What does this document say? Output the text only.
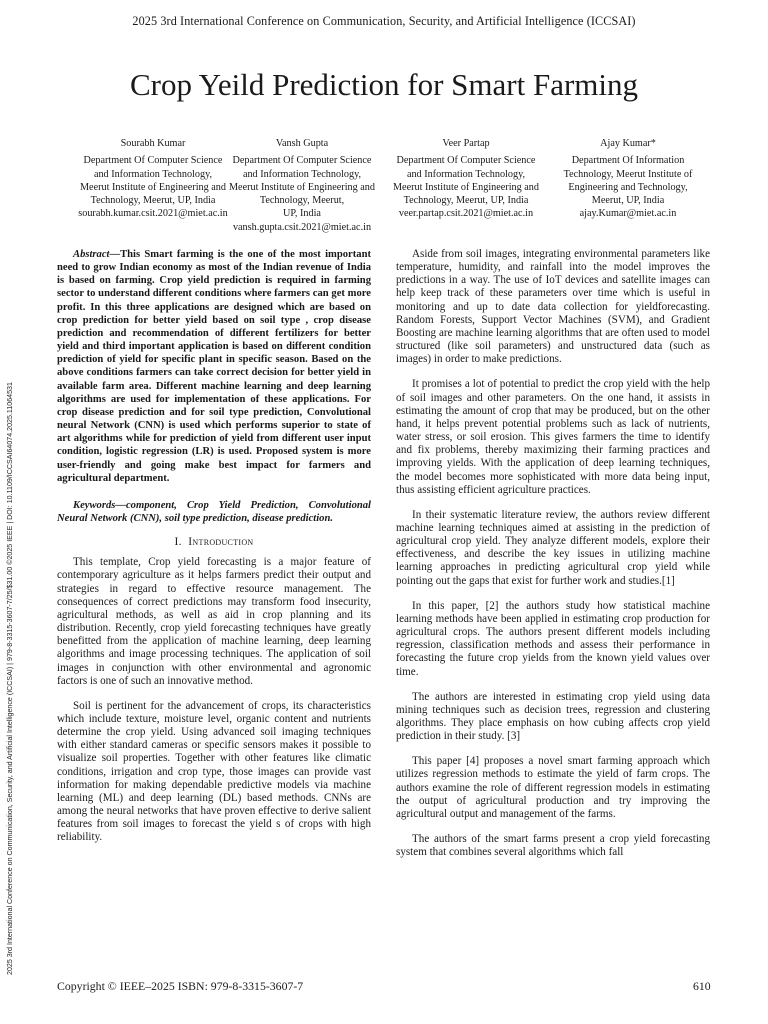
2025 3rd International Conference on Communication, Security, and Artificial Intelligence (ICCSAI)
2025 3rd International Conference on Communication, Security, and Artificial Intelligence (ICCSAI) | 979-8-3315-3607-7/25/$31.00 ©2025 IEEE | DOI: 10.1109/ICCSAI64074.2025.11064531
Crop Yeild Prediction for Smart Farming
Sourabh Kumar
Department Of Computer Science
and Information Technology,
Meerut Institute of Engineering and
Technology, Meerut, UP, India
sourabh.kumar.csit.2021@miet.ac.in
Vansh Gupta
Department Of Computer Science
and Information Technology,
Meerut Institute of Engineering and
Technology, Meerut,
UP, India
vansh.gupta.csit.2021@miet.ac.in
Veer Partap
Department Of Computer Science
and Information Technology,
Meerut Institute of Engineering and
Technology, Meerut, UP, India
veer.partap.csit.2021@miet.ac.in
Ajay Kumar*
Department Of Information
Technology, Meerut Institute of
Engineering and Technology,
Meerut, UP, India
ajay.Kumar@miet.ac.in

Abstract—This Smart farming is the one of the most important need to grow Indian economy as most of the Indian revenue of India is based on farming. Crop yield prediction is required in farming sector to understand different conditions where farmers can get more profit. In this three applications are designed which are based on crop prediction for better yield based on soil type , crop disease prediction and recommendation of different fertilizers for better yield and third important application is based on different condition prediction of yield for specific plant in specific season. Based on the above conditions farmers can take correct decision for better yield in available farm area. Different machine learning and deep learning algorithms are used for implementation of these applications. For crop disease prediction and for soil type prediction, Convolutional neural Network (CNN) is used which performs superior to state of art algorithms while for prediction of yield from different user input condition, logistic regression (LR) is used. Proposed system is more user-friendly and going make best impact for farmers and agricultural department.

Keywords—component, Crop Yield Prediction, Convolutional Neural Network (CNN), soil type prediction, disease prediction.

I. Introduction

This template, Crop yield forecasting is a major feature of contemporary agriculture as it helps farmers predict their output and strategies in regard to effective resource management. The consequences of correct predictions may transform food insecurity, agricultural methods, as well as aid in crop planning and its distribution. Recently, crop yield forecasting techniques have greatly benefitted from the application of machine learning, deep learning algorithms and image processing techniques. The application of soil images in conjunction with other environmental and agronomic factors is one of such an innovative method.

Soil is pertinent for the advancement of crops, its characteristics which include texture, moisture level, organic content and nutrients determine the crop yield. Using advanced soil imaging techniques with either standard cameras or specific sensors makes it possible to visualize soil properties. Together with other features like climatic conditions, irrigation and crop type, those images can provide vast information for making dependable predictive models via machine learning (ML) and deep learning (DL) based methods. CNNs are among the neural networks that have proven effective to derive salient features from soil images to forecast the yield s of crops with high reliability.

Aside from soil images, integrating environmental parameters like temperature, humidity, and rainfall into the model improves the predictions in a way. The use of IoT devices and satellite images can help keep track of these parameters over time which is useful in monitoring and up to date data collection for yieldforecasting. Random Forests, Support Vector Machines (SVM), and Gradient Boosting are machine learning algorithms that are often used to model structured (like soil parameters) and unstructured data (such as images) in order to make predictions.

It promises a lot of potential to predict the crop yield with the help of soil images and other parameters. On the one hand, it assists in estimating the amount of crop that may be produced, but on the other hand, it helps prevent potential problems such as lack of nutrients, water stress, or soil erosion. This gives farmers the time to identify and fix problems, thereby maximizing their farming practices and improving yields. With the application of deep learning techniques, the model becomes more sophisticated with more data being input, thus assisting efficient agriculture practices.

In their systematic literature review, the authors review different machine learning techniques aimed at assisting in the prediction of agricultural crop yield. They analyze different models, explore their effectiveness, and describe the key issues in utilizing machine learning approaches in predicting agricultural crop yield while pointing out the gaps that exist for further work and studies.[1]

In this paper, [2] the authors study how statistical machine learning methods have been applied in estimating crop production for agricultural crops. The authors present different models including regression, classification methods and assess their performance in forecasting the future crop yields from the known yield values over time.

The authors are interested in estimating crop yield using data mining techniques such as decision trees, regression and clustering algorithms. They place emphasis on how cubing affects crop yield prediction in their study. [3]

This paper [4] proposes a novel smart farming approach which utilizes regression methods to estimate the yield of farm crops. The authors examine the role of different regression models in estimating the output of agricultural production and try improving the agricultural output and management of the farms.

The authors of the smart farms present a crop yield forecasting system that combines several algorithms which fall

Copyright © IEEE–2025 ISBN: 979-8-3315-3607-7	610
